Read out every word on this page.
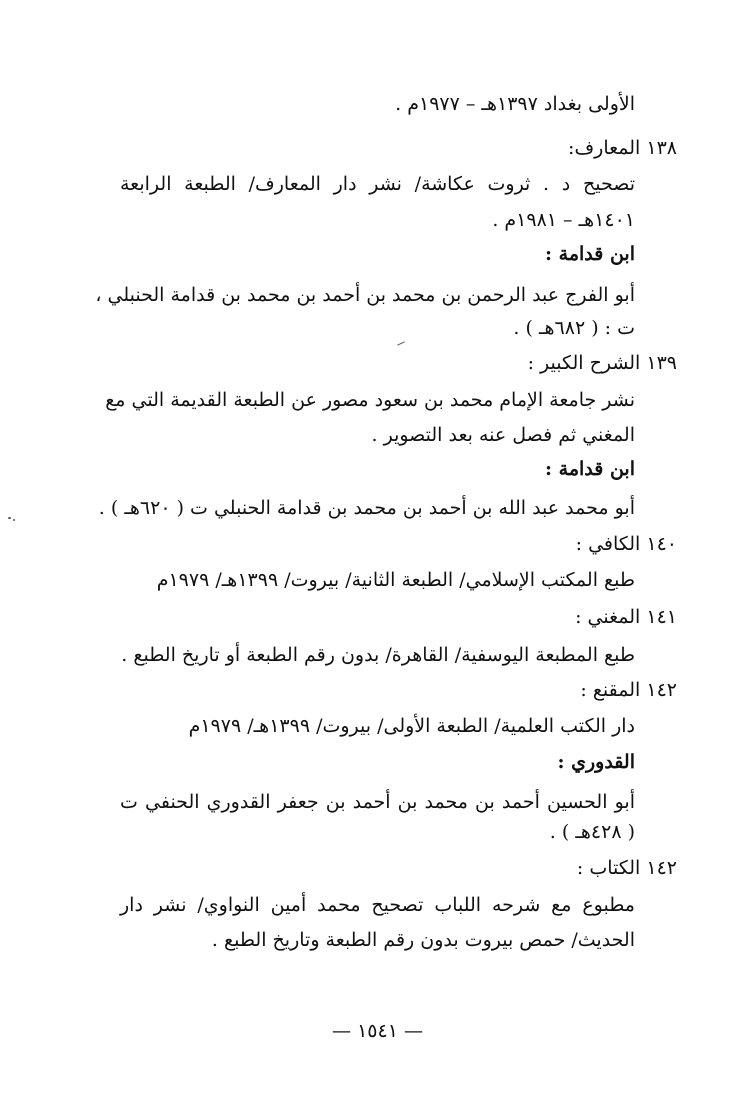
الأولى بغداد ١٣٩٧هـ – ١٩٧٧م .
١٣٨ المعارف:
تصحيح د . ثروت عكاشة/ نشر دار المعارف/ الطبعة الرابعة
١٤٠١هـ – ١٩٨١م .
ابن قدامة :
أبو الفرج عبد الرحمن بن محمد بن أحمد بن محمد بن قدامة الحنبلي ،
ت : ( ٦٨٢هـ ) .
١٣٩ الشرح الكبير :
نشر جامعة الإمام محمد بن سعود مصور عن الطبعة القديمة التي مع
المغني ثم فصل عنه بعد التصوير .
ابن قدامة :
أبو محمد عبد الله بن أحمد بن محمد بن قدامة الحنبلي ت ( ٦٢٠هـ ) .
١٤٠ الكافي :
طبع المكتب الإسلامي/ الطبعة الثانية/ بيروت/ ١٣٩٩هـ/ ١٩٧٩م
١٤١ المغني :
طبع المطبعة اليوسفية/ القاهرة/ بدون رقم الطبعة أو تاريخ الطبع .
١٤٢ المقنع :
دار الكتب العلمية/ الطبعة الأولى/ بيروت/ ١٣٩٩هـ/ ١٩٧٩م
القدوري :
أبو الحسين أحمد بن محمد بن أحمد بن جعفر القدوري الحنفي ت
( ٤٢٨هـ ) .
١٤٢ الكتاب :
مطبوع مع شرحه اللباب تصحيح محمد أمين النواوي/ نشر دار
الحديث/ حمص بيروت بدون رقم الطبعة وتاريخ الطبع .
— ١٥٤١ —
